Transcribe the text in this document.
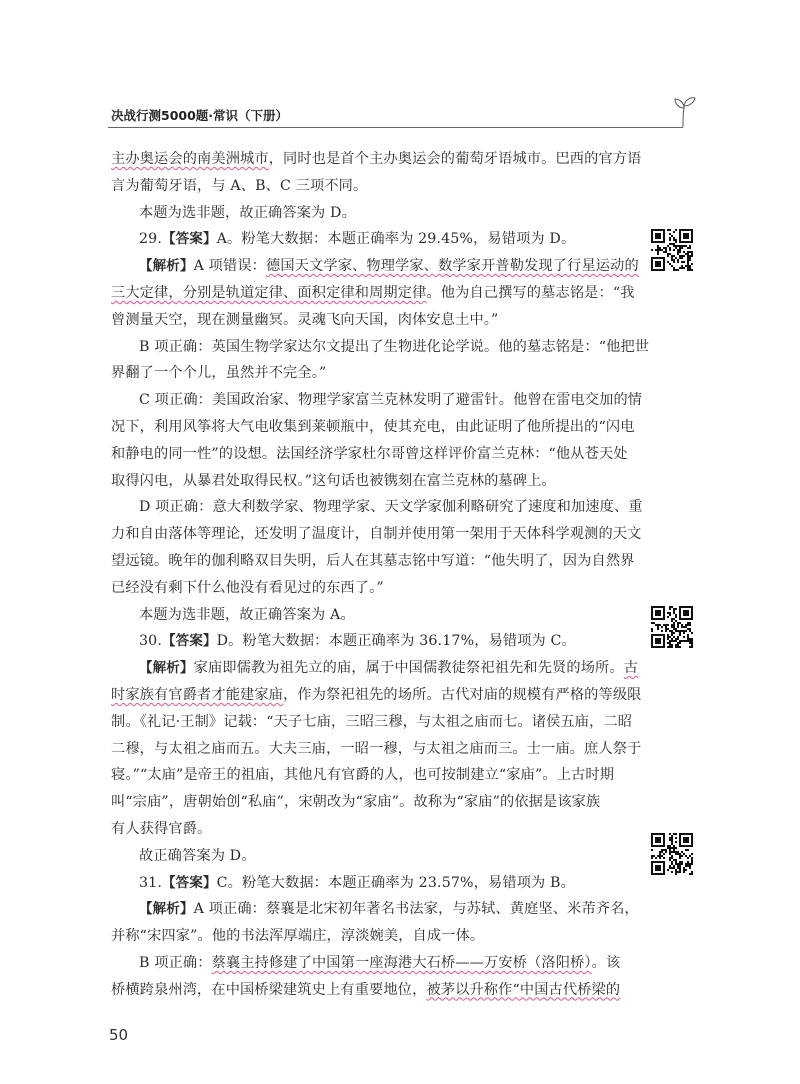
决战行测5000题·常识（下册）
主办奥运会的南美洲城市，同时也是首个主办奥运会的葡萄牙语城市。巴西的官方语
言为葡萄牙语，与 A、B、C 三项不同。
本题为选非题，故正确答案为 D。
29.【答案】A。粉笔大数据：本题正确率为 29.45%，易错项为 D。
【解析】A 项错误：德国天文学家、物理学家、数学家开普勒发现了行星运动的
三大定律，分别是轨道定律、面积定律和周期定律。他为自己撰写的墓志铭是：“我
曾测量天空，现在测量幽冥。灵魂飞向天国，肉体安息土中。”
B 项正确：英国生物学家达尔文提出了生物进化论学说。他的墓志铭是：“他把世
界翻了一个个儿，虽然并不完全。”
C 项正确：美国政治家、物理学家富兰克林发明了避雷针。他曾在雷电交加的情
况下，利用风筝将大气电收集到莱顿瓶中，使其充电，由此证明了他所提出的“闪电
和静电的同一性”的设想。法国经济学家杜尔哥曾这样评价富兰克林：“他从苍天处
取得闪电，从暴君处取得民权。”这句话也被镌刻在富兰克林的墓碑上。
D 项正确：意大利数学家、物理学家、天文学家伽利略研究了速度和加速度、重
力和自由落体等理论，还发明了温度计，自制并使用第一架用于天体科学观测的天文
望远镜。晚年的伽利略双目失明，后人在其墓志铭中写道：“他失明了，因为自然界
已经没有剩下什么他没有看见过的东西了。”
本题为选非题，故正确答案为 A。
30.【答案】D。粉笔大数据：本题正确率为 36.17%，易错项为 C。
【解析】家庙即儒教为祖先立的庙，属于中国儒教徒祭祀祖先和先贤的场所。古
时家族有官爵者才能建家庙，作为祭祀祖先的场所。古代对庙的规模有严格的等级限
制。《礼记·王制》记载：“天子七庙，三昭三穆，与太祖之庙而七。诸侯五庙，二昭
二穆，与太祖之庙而五。大夫三庙，一昭一穆，与太祖之庙而三。士一庙。庶人祭于
寝。”“太庙”是帝王的祖庙，其他凡有官爵的人，也可按制建立“家庙”。上古时期
叫“宗庙”，唐朝始创“私庙”，宋朝改为“家庙”。故称为“家庙”的依据是该家族
有人获得官爵。
故正确答案为 D。
31.【答案】C。粉笔大数据：本题正确率为 23.57%，易错项为 B。
【解析】A 项正确：蔡襄是北宋初年著名书法家，与苏轼、黄庭坚、米芾齐名，
并称“宋四家”。他的书法浑厚端庄，淳淡婉美，自成一体。
B 项正确：蔡襄主持修建了中国第一座海港大石桥——万安桥（洛阳桥）。该
桥横跨泉州湾，在中国桥梁建筑史上有重要地位，被茅以升称作“中国古代桥梁的
50
